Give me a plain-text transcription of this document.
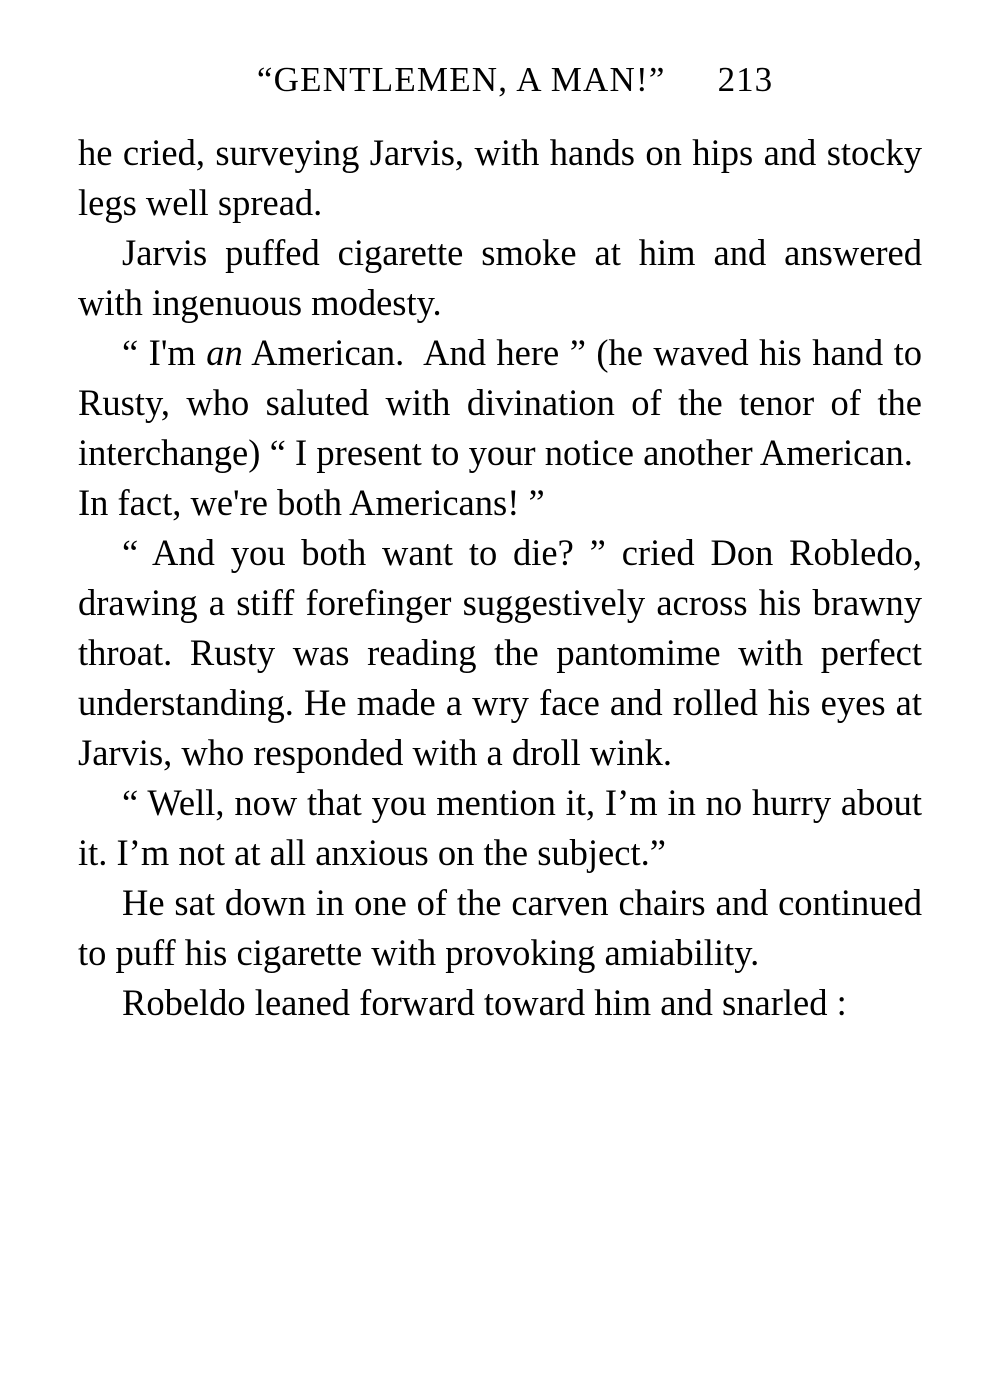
“GENTLEMEN, A MAN!” 213

he cried, surveying Jarvis, with hands on hips and stocky legs well spread.

Jarvis puffed cigarette smoke at him and answered with ingenuous modesty.

“ I'm an American.  And here ” (he waved his hand to Rusty, who saluted with divination of the tenor of the interchange) “ I present to your notice another American.  In fact, we're both Americans! ”

“ And you both want to die? ” cried Don Robledo, drawing a stiff forefinger suggestively across his brawny throat. Rusty was reading the pantomime with perfect understanding. He made a wry face and rolled his eyes at Jarvis, who responded with a droll wink.

“ Well, now that you mention it, I’m in no hurry about it. I’m not at all anxious on the subject.”

He sat down in one of the carven chairs and continued to puff his cigarette with provoking amiability.

Robeldo leaned forward toward him and snarled :
